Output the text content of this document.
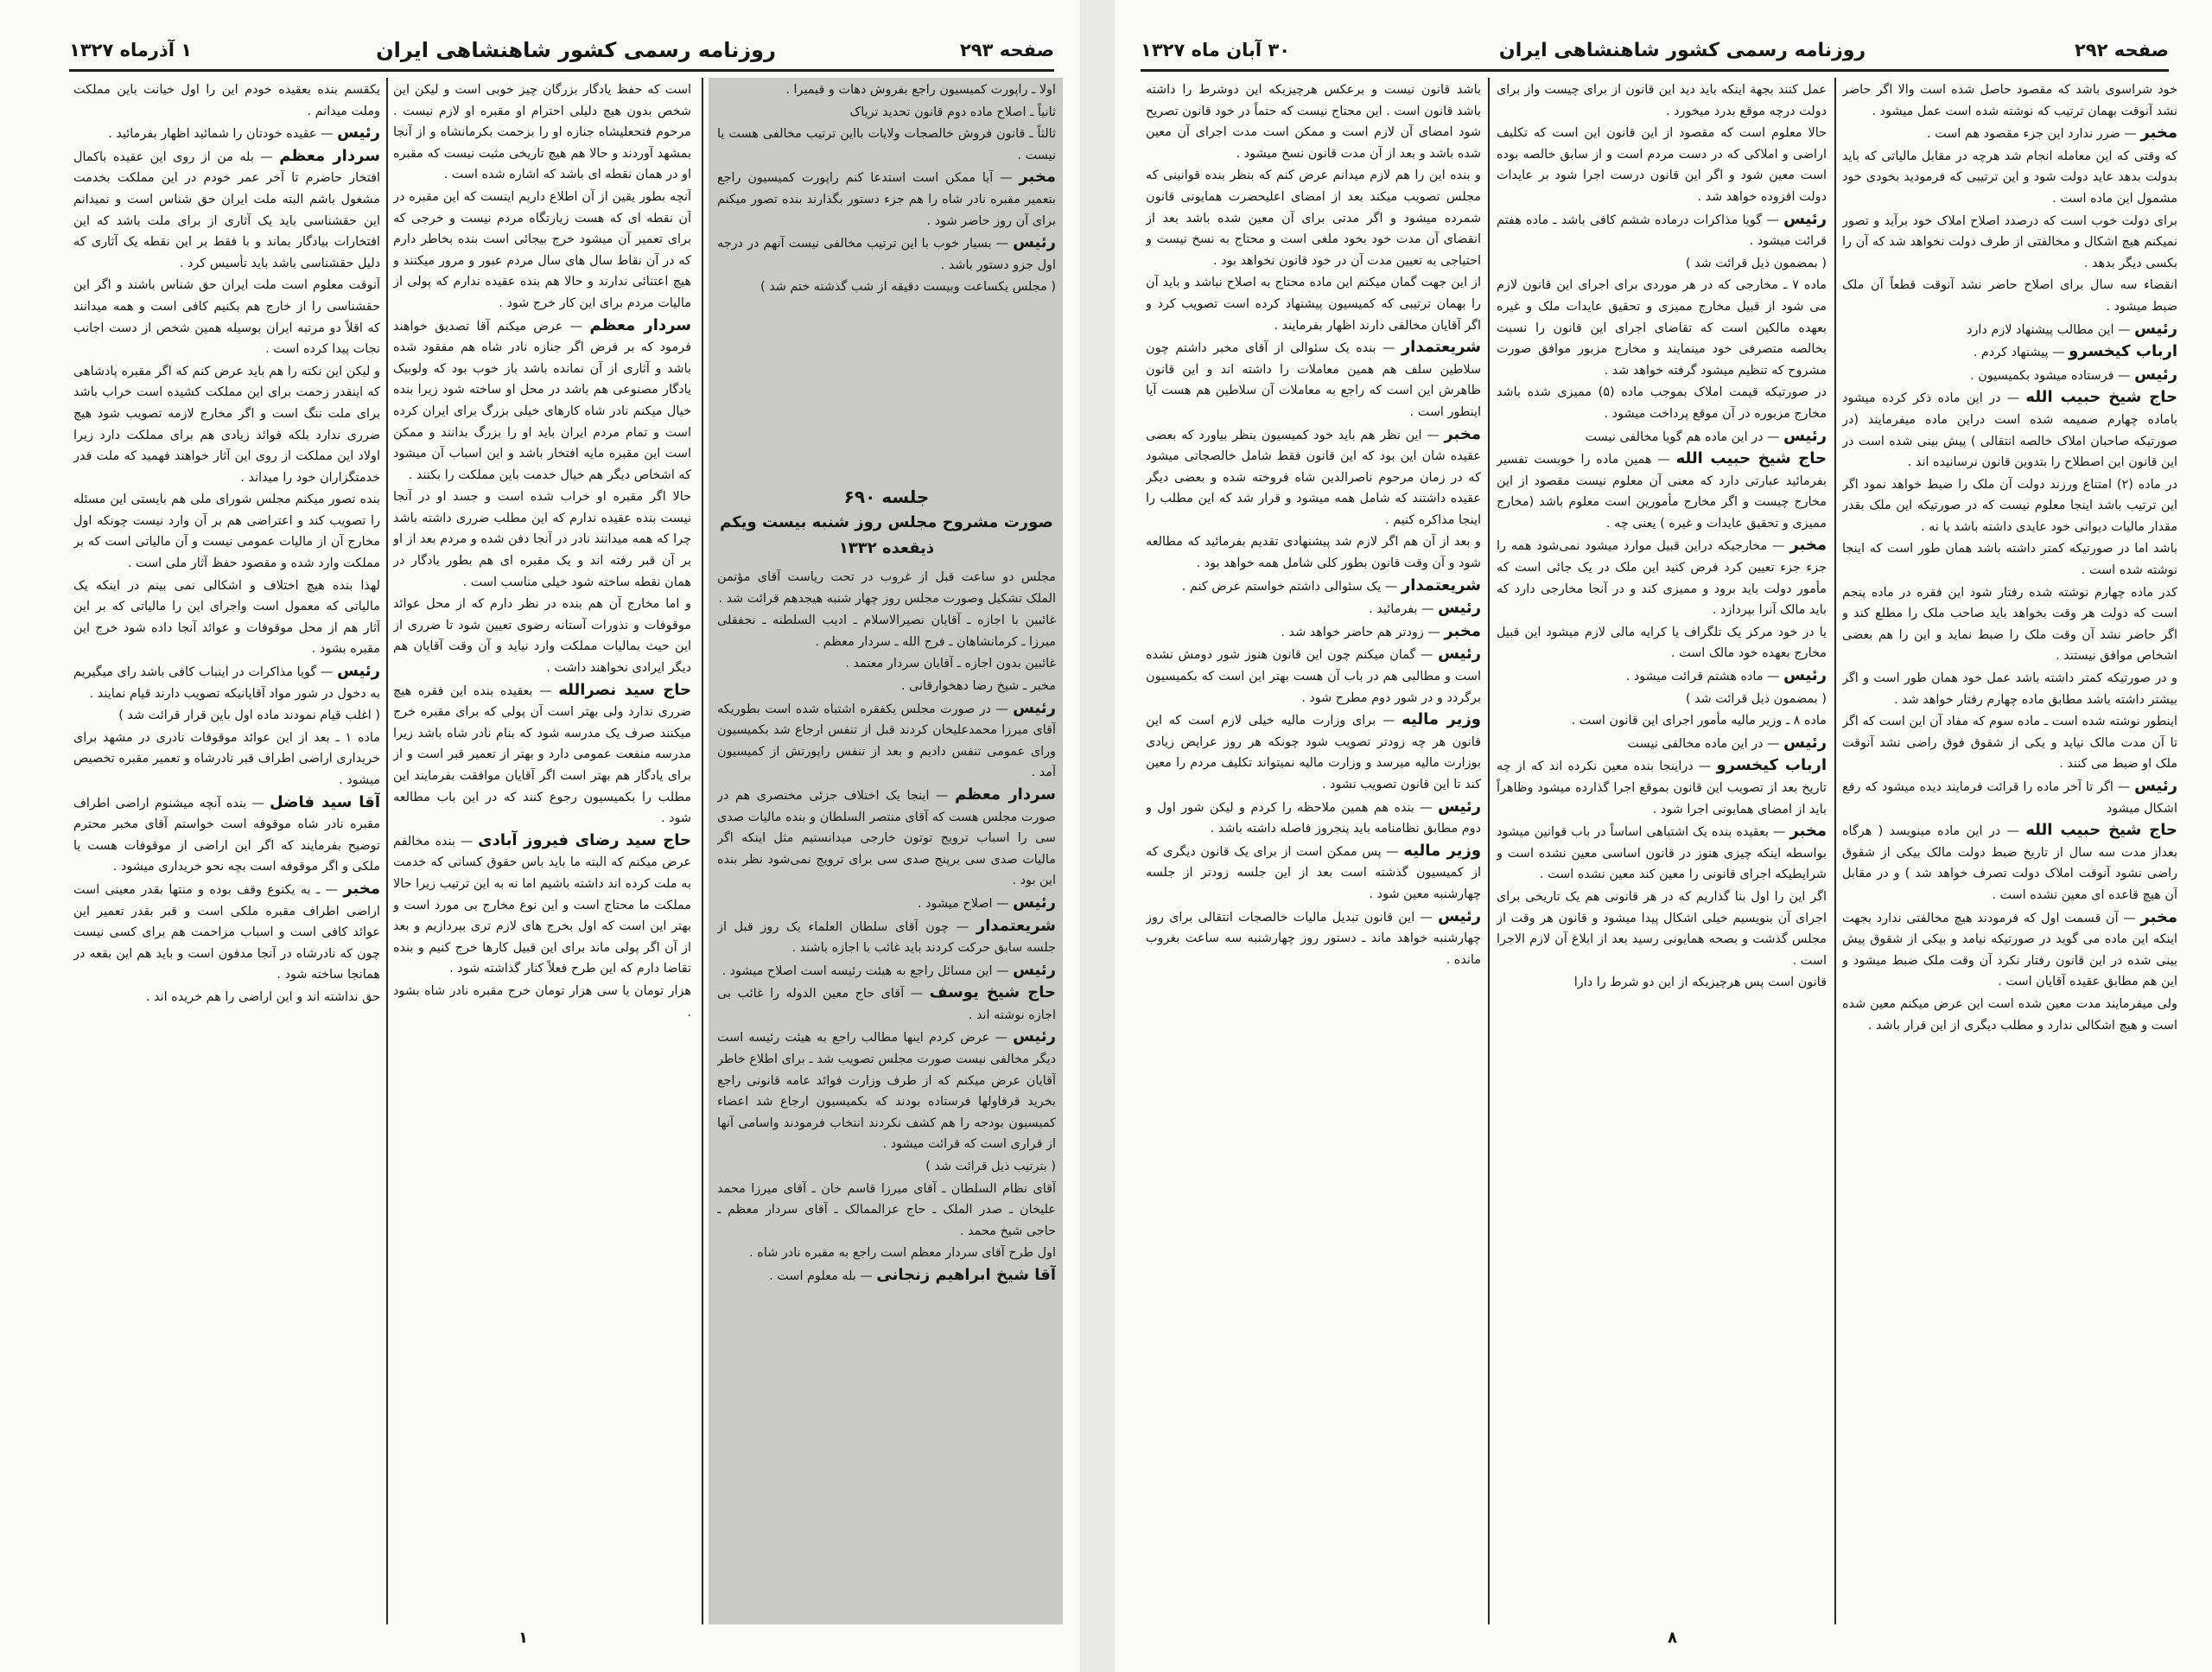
صفحه ۲۹۳
روزنامه رسمی کشور شاهنشاهی ایران
۱ آذرماه ۱۳۲۷

اولا ـ راپورت کمیسیون راجع بفروش دهات و قیمیرا .

ثانیاً ـ اصلاح ماده دوم قانون تحدید تریاک

ثالثاً ـ قانون فروش خالصجات ولایات بااین ترتیب مخالفی هست یا نیست .

مخبر — آیا ممکن است استدعا کنم راپورت کمیسیون راجع بتعمیر مقبره نادر شاه را هم جزء دستور بگذارند بنده تصور میکنم برای آن روز حاضر شود .

رئیس — بسیار خوب با این ترتیب مخالفی نیست آنهم در درجه اول جزو دستور باشد .

( مجلس یکساعت وبیست دقیقه از شب گذشته ختم شد )

جلسه ۶۹۰
صورت مشروح مجلس روز شنبه بیست ویکم ذیقعده ۱۳۳۲

مجلس دو ساعت قبل از غروب در تحت ریاست آقای مؤتمن الملک تشکیل وصورت مجلس روز چهار شنبه هیجدهم قرائت شد .

غائبین با اجازه ـ آقایان نصیرالاسلام ـ ادیب السلطنه ـ نجفقلی میرزا ـ کرمانشاهان ـ فرج الله ـ سردار معظم .

غائبین بدون اجازه ـ آقایان سردار معتمد .

مخبر ـ شیخ رضا دهخوارقانی .

رئیس — در صورت مجلس یکفقره اشتباه شده است بطوریکه آقای میرزا محمدعلیخان کردند قبل از تنفس ارجاع شد بکمیسیون ورای عمومی تنفس دادیم و بعد از تنفس راپورتش از کمیسیون آمد .

سردار معظم — اینجا یک اختلاف جزئی مختصری هم در صورت مجلس هست که آقای منتصر السلطان و بنده مالیات صدی سی را اسباب ترویج توتون خارجی میدانستیم مثل اینکه اگر مالیات صدی سی برپنج صدی سی برای ترویج نمی‌شود نظر بنده این بود .

رئیس — اصلاح میشود .

شریعتمدار — چون آقای سلطان العلماء یک روز قبل از جلسه سابق حرکت کردند باید غائب با اجازه باشند .

رئیس — این مسائل راجع به هیئت رئیسه است اصلاح میشود .

حاج شیخ یوسف — آقای حاج معین الدوله را غائب بی اجازه نوشته اند .

رئیس — عرض کردم اینها مطالب راجع به هیئت رئیسه است دیگر مخالفی نیست صورت مجلس تصویب شد ـ برای اطلاع خاطر آقایان عرض میکنم که از طرف وزارت فوائد عامه قانونی راجع بخرید قرقاولها فرستاده بودند که بکمیسیون ارجاع شد اعضاء کمیسیون بودجه را هم کشف نکردند انتخاب فرمودند واسامی آنها از قراری است که قرائت میشود .

( بترتیب ذیل قرائت شد )

آقای نظام السلطان ـ آقای میرزا قاسم خان ـ آقای میرزا محمد علیخان ـ صدر الملک ـ حاج عزالممالک ـ آقای سردار معظم ـ حاجی شیخ محمد .

اول طرح آقای سردار معظم است راجع به مقبره نادر شاه .

آقا شیخ ابراهیم زنجانی — بله معلوم است .

است که حفظ یادگار بزرگان چیز خوبی است و لیکن این شخص بدون هیچ دلیلی احترام او مقبره او لازم نیست . مرحوم فتحعلیشاه جنازه او را بزحمت بکرمانشاه و از آنجا بمشهد آوردند و حالا هم هیچ تاریخی مثبت نیست که مقبره او در همان نقطه ای باشد که اشاره شده است .

آنچه بطور یقین از آن اطلاع داریم اینست که این مقبره در آن نقطه ای که هست زیارتگاه مردم نیست و خرجی که برای تعمیر آن میشود خرج بیجائی است بنده بخاطر دارم که در آن نقاط سال های سال مردم عبور و مرور میکنند و هیچ اعتنائی ندارند و حالا هم بنده عقیده ندارم که پولی از مالیات مردم برای این کار خرج شود .

سردار معظم — عرض میکنم آقا تصدیق خواهند فرمود که بر فرض اگر جنازه نادر شاه هم مفقود شده باشد و آثاری از آن نمانده باشد باز خوب بود که ولوبیک یادگار مصنوعی هم باشد در محل او ساخته شود زیرا بنده خیال میکنم نادر شاه کارهای خیلی بزرگ برای ایران کرده است و تمام مردم ایران باید او را بزرگ بدانند و ممکن است این مقبره مایه افتخار باشد و این اسباب آن میشود که اشخاص دیگر هم خیال خدمت باین مملکت را بکنند .

حالا اگر مقبره او خراب شده است و جسد او در آنجا نیست بنده عقیده ندارم که این مطلب ضرری داشته باشد چرا که همه میدانند نادر در آنجا دفن شده و مردم بعد از او بر آن قبر رفته اند و یک مقبره ای هم بطور یادگار در همان نقطه ساخته شود خیلی مناسب است .

و اما مخارج آن هم بنده در نظر دارم که از محل عوائد موقوفات و نذورات آستانه رضوی تعیین شود تا ضرری از این حیث بمالیات مملکت وارد نیاید و آن وقت آقایان هم دیگر ایرادی نخواهند داشت .

حاج سید نصرالله — بعقیده بنده این فقره هیچ ضرری ندارد ولی بهتر است آن پولی که برای مقبره خرج میکنند صرف یک مدرسه شود که بنام نادر شاه باشد زیرا مدرسه منفعت عمومی دارد و بهتر از تعمیر قبر است و از برای یادگار هم بهتر است اگر آقایان موافقت بفرمایند این مطلب را بکمیسیون رجوع کنند که در این باب مطالعه شود .

حاج سید رضای فیروز آبادی — بنده مخالفم عرض میکنم که البته ما باید باس حقوق کسانی که خدمت به ملت کرده اند داشته باشیم اما نه به این ترتیب زیرا حالا مملکت ما محتاج است و این نوع مخارج بی مورد است و بهتر این است که اول بخرج های لازم تری بپردازیم و بعد از آن اگر پولی ماند برای این قبیل کارها خرج کنیم و بنده تقاضا دارم که این طرح فعلاً کنار گذاشته شود .

هزار تومان یا سی هزار تومان خرج مقبره نادر شاه بشود .

یکقسم بنده بعقیده خودم این را اول خیانت باین مملکت وملت میدانم .

رئیس — عقیده خودتان را شمائید اظهار بفرمائید .

سردار معظم — بله من از روی این عقیده باکمال افتخار حاضرم تا آخر عمر خودم در این مملکت بخدمت مشغول باشم البته ملت ایران حق شناس است و نمیدانم این حقشناسی باید یک آثاری از برای ملت باشد که این افتخارات بیادگار بماند و با فقط بر این نقطه یک آثاری که دلیل حقشناسی باشد باید تأسیس کرد .

آنوقت معلوم است ملت ایران حق شناس باشند و اگر این حقشناسی را از خارج هم بکنیم کافی است و همه میدانند که اقلاً دو مرتبه ایران بوسیله همین شخص از دست اجانب نجات پیدا کرده است .

و لیکن این نکته را هم باید عرض کنم که اگر مقبره پادشاهی که اینقدر زحمت برای این مملکت کشیده است خراب باشد برای ملت ننگ است و اگر مخارج لازمه تصویب شود هیچ ضرری ندارد بلکه فوائد زیادی هم برای مملکت دارد زیرا اولاد این مملکت از روی این آثار خواهند فهمید که ملت قدر خدمتگزاران خود را میداند .

بنده تصور میکنم مجلس شورای ملی هم بایستی این مسئله را تصویب کند و اعتراضی هم بر آن وارد نیست چونکه اول مخارج آن از مالیات عمومی نیست و آن مالیاتی است که بر مملکت وارد شده و مقصود حفظ آثار ملی است .

لهذا بنده هیچ اختلاف و اشکالی نمی بینم در اینکه یک مالیاتی که معمول است واجرای این را مالیاتی که بر این آثار هم از محل موقوفات و عوائد آنجا داده شود خرج این مقبره بشود .

رئیس — گویا مذاکرات در اینباب کافی باشد رای میگیریم به دخول در شور مواد آقایانیکه تصویب دارند قیام نمایند .

( اغلب قیام نمودند ماده اول باین قرار قرائت شد )

ماده ۱ ـ بعد از این عوائد موقوفات نادری در مشهد برای خریداری اراضی اطراف قبر نادرشاه و تعمیر مقبره تخصیص میشود .

آقا سید فاضل — بنده آنچه میشنوم اراضی اطراف مقبره نادر شاه موقوفه است خواستم آقای مخبر محترم توضیح بفرمایند که اگر این اراضی از موقوفات هست یا ملکی و اگر موقوفه است بچه نحو خریداری میشود .

مخبر — ـ به یکنوع وقف بوده و منتها بقدر معینی است اراضی اطراف مقبره ملکی است و قبر بقدر تعمیر این عوائد کافی است و اسباب مزاحمت هم برای کسی نیست چون که نادرشاه در آنجا مدفون است و باید هم این بقعه در همانجا ساخته شود .

حق نداشته اند و این اراضی را هم خریده اند .

۱
صفحه ۲۹۲
روزنامه رسمی کشور شاهنشاهی ایران
۳۰ آبان ماه ۱۳۲۷

باشد قانون نیست و برعکس هرچیزیکه این دوشرط را داشته باشد قانون است . این محتاج نیست که حتماً در خود قانون تصریح شود امضای آن لازم است و ممکن است مدت اجرای آن معین شده باشد و بعد از آن مدت قانون نسخ میشود .

و بنده این را هم لازم میدانم عرض کنم که بنظر بنده قوانینی که مجلس تصویب میکند بعد از امضای اعلیحضرت همایونی قانون شمرده میشود و اگر مدتی برای آن معین شده باشد بعد از انقضای آن مدت خود بخود ملغی است و محتاج به نسخ نیست و احتیاجی به تعیین مدت آن در خود قانون نخواهد بود .

از این جهت گمان میکنم این ماده محتاج به اصلاح نباشد و باید آن را بهمان ترتیبی که کمیسیون پیشنهاد کرده است تصویب کرد و اگر آقایان مخالفی دارند اظهار بفرمایند .

شریعتمدار — بنده یک سئوالی از آقای مخبر داشتم چون سلاطین سلف هم همین معاملات را داشته اند و این قانون ظاهرش این است که راجع به معاملات آن سلاطین هم هست آیا اینطور است .

مخبر — این نظر هم باید خود کمیسیون بنظر بیاورد که بعضی عقیده شان این بود که این قانون فقط شامل خالصجاتی میشود که در زمان مرحوم ناصرالدین شاه فروخته شده و بعضی دیگر عقیده داشتند که شامل همه میشود و قرار شد که این مطلب را اینجا مذاکره کنیم .

و بعد از آن هم اگر لازم شد پیشنهادی تقدیم بفرمائید که مطالعه شود و آن وقت قانون بطور کلی شامل همه خواهد بود .

شریعتمدار — یک سئوالی داشتم خواستم عرض کنم .

رئیس — بفرمائید .

مخبر — زودتر هم حاضر خواهد شد .

رئیس — گمان میکنم چون این قانون هنوز شور دومش نشده است و مطالبی هم در باب آن هست بهتر این است که بکمیسیون برگردد و در شور دوم مطرح شود .

وزیر مالیه — برای وزارت مالیه خیلی لازم است که این قانون هر چه زودتر تصویب شود چونکه هر روز عرایض زیادی بوزارت مالیه میرسد و وزارت مالیه نمیتواند تکلیف مردم را معین کند تا این قانون تصویب نشود .

رئیس — بنده هم همین ملاحظه را کردم و لیکن شور اول و دوم مطابق نظامنامه باید پنجروز فاصله داشته باشد .

وزیر مالیه — پس ممکن است از برای یک قانون دیگری که از کمیسیون گذشته است بعد از این جلسه زودتر از جلسه چهارشنبه معین شود .

رئیس — این قانون تبدیل مالیات خالصجات انتقالی برای روز چهارشنبه خواهد ماند ـ دستور روز چهارشنبه سه ساعت بغروب مانده .

عمل کنند بجهة اینکه باید دید این قانون از برای چیست واز برای دولت درچه موقع بدرد میخورد .

حالا معلوم است که مقصود از این قانون این است که تکلیف اراضی و املاکی که در دست مردم است و از سابق خالصه بوده است معین شود و اگر این قانون درست اجرا شود بر عایدات دولت افزوده خواهد شد .

رئیس — گویا مذاکرات درماده ششم کافی باشد ـ ماده هفتم قرائت میشود .

( بمضمون ذیل قرائت شد )

ماده ۷ ـ مخارجی که در هر موردی برای اجرای این قانون لازم می شود از قبیل مخارج ممیزی و تحقیق عایدات ملک و غیره بعهده مالکین است که تقاضای اجرای این قانون را نسبت بخالصه متصرفی خود مینمایند و مخارج مزبور موافق صورت مشروح که تنظیم میشود گرفته خواهد شد .

در صورتیکه قیمت املاک بموجب ماده (۵) ممیزی شده باشد مخارج مزبوره در آن موقع پرداخت میشود .

رئیس — در این ماده هم گویا مخالفی نیست

حاج شیخ حبیب الله — همین ماده را خوبست تفسیر بفرمائید عبارتی دارد که معنی آن معلوم نیست مقصود از این مخارج چیست و اگر مخارج مأمورین است معلوم باشد (مخارج ممیزی و تحقیق عایدات و غیره ) یعنی چه .

مخبر — مخارجیکه دراین قبیل موارد میشود نمی‌شود همه را جزء جزء تعیین کرد فرض کنید این ملک در یک جائی است که مأمور دولت باید برود و ممیزی کند و در آنجا مخارجی دارد که باید مالک آنرا بپردازد .

یا در خود مرکز یک تلگراف یا کرایه مالی لازم میشود این قبیل مخارج بعهده خود مالک است .

رئیس — ماده هشتم قرائت میشود .

( بمضمون ذیل قرائت شد )

ماده ۸ ـ وزیر مالیه مأمور اجرای این قانون است .

رئیس — در این ماده مخالفی نیست

ارباب کیخسرو — دراینجا بنده معین نکرده اند که از چه تاریخ بعد از تصویب این قانون بموقع اجرا گذارده میشود وظاهراً باید از امضای همایونی اجرا شود .

مخبر — بعقیده بنده یک اشتباهی اساساً در باب قوانین میشود بواسطه اینکه چیزی هنوز در قانون اساسی معین نشده است و شرایطیکه اجرای قانونی را معین کند معین نشده است .

اگر این را اول بنا گذاریم که در هر قانونی هم یک تاریخی برای اجرای آن بنویسیم خیلی اشکال پیدا میشود و قانون هر وقت از مجلس گذشت و بصحه همایونی رسید بعد از ابلاغ آن لازم الاجرا است .

قانون است پس هرچیزیکه از این دو شرط را دارا

خود شراسوی باشد که مقصود حاصل شده است والا اگر حاضر نشد آنوقت بهمان ترتیب که نوشته شده است عمل میشود .

مخبر — ضرر ندارد این جزء مقصود هم است .

که وقتی که این معامله انجام شد هرچه در مقابل مالیاتی که باید بدولت بدهد عاید دولت شود و این ترتیبی که فرمودید بخودی خود مشمول این ماده است .

برای دولت خوب است که درصدد اصلاح املاک خود برآید و تصور نمیکنم هیچ اشکال و مخالفتی از طرف دولت نخواهد شد که آن را بکسی دیگر بدهد .

انقضاء سه سال برای اصلاح حاضر نشد آنوقت قطعاً آن ملک ضبط میشود .

رئیس — این مطالب پیشنهاد لازم دارد

ارباب کیخسرو — پیشنهاد کردم .

رئیس — فرستاده میشود بکمیسیون .

حاج شیخ حبیب الله — در این ماده ذکر کرده میشود باماده چهارم ضمیمه شده است دراین ماده میفرمایند (در صورتیکه صاحبان املاک خالصه انتقالی ) پیش بینی شده است در این قانون این اصطلاح را بتدوین قانون نرسانیده اند .

در ماده (۲) امتناع ورزند دولت آن ملک را ضبط خواهد نمود اگر این ترتیب باشد اینجا معلوم نیست که در صورتیکه این ملک بقدر مقدار مالیات دیوانی خود عایدی داشته باشد یا نه .

باشد اما در صورتیکه کمتر داشته باشد همان طور است که اینجا نوشته شده است .

کدر ماده چهارم نوشته شده رفتار شود این فقره در ماده پنجم است که دولت هر وقت بخواهد باید صاحب ملک را مطلع کند و اگر حاضر نشد آن وقت ملک را ضبط نماید و این را هم بعضی اشخاص موافق نیستند .

و در صورتیکه کمتر داشته باشد عمل خود همان طور است و اگر بیشتر داشته باشد مطابق ماده چهارم رفتار خواهد شد .

اینطور نوشته شده است ـ ماده سوم که مفاد آن این است که اگر تا آن مدت مالک نیاید و یکی از شقوق فوق راضی نشد آنوقت ملک او ضبط می کنند .

رئیس — اگر تا آخر ماده را قرائت فرمایند دیده میشود که رفع اشکال میشود

حاج شیخ حبیب الله — در این ماده مینویسد ( هرگاه بعداز مدت سه سال از تاریخ ضبط دولت مالک بیکی از شقوق راضی نشود آنوقت املاک دولت تصرف خواهد شد ) و در مقابل آن هیچ قاعده ای معین نشده است .

مخبر — آن قسمت اول که فرمودند هیچ مخالفتی ندارد بجهت اینکه این ماده می گوید در صورتیکه نیامد و بیکی از شقوق پیش بینی شده در این قانون رفتار نکرد آن وقت ملک ضبط میشود و این هم مطابق عقیده آقایان است .

ولی میفرمایند مدت معین شده است این عرض میکنم معین شده است و هیچ اشکالی ندارد و مطلب دیگری از این قرار باشد .

۸
